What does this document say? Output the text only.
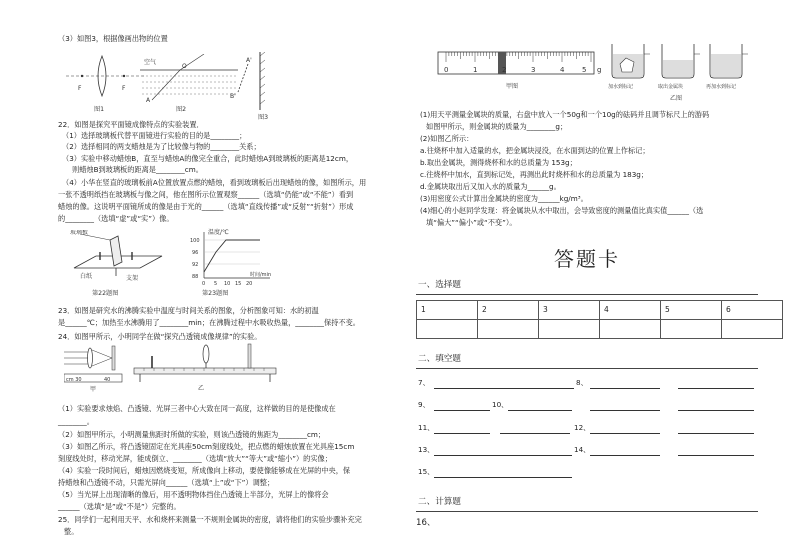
（3）如图3，根据像画出物的位置
F	F
图1
空气
O
A
图2
A'
B'
图3
22．如图是探究平面镜成像特点的实验装置．
（1）选择玻璃板代替平面镜进行实验的目的是________；
（2）选择相同的两支蜡烛是为了比较像与物的________关系；
（3）实验中移动蜡烛B，直至与蜡烛A的像完全重合，此时蜡烛A到玻璃板的距离是12cm，
则蜡烛B到玻璃板的距离是________cm。
（4）小华在竖直的玻璃板前A位置放置点燃的蜡烛，看到玻璃板后出现蜡烛的像，如图所示，用
一张不透明纸挡在玻璃板与像之间，他在图所示位置观察______（选填“仍能”或“不能”）看到
蜡烛的像。这说明平面镜所成的像是由于光的______（选填“直线传播”或“反射”“折射”）形成
的________（选填“虚”或“实”）像。
玻璃板
白纸	支架
温度/℃
100
96
92
88
0 5 10 15 20
时间/min
第22题图	第23题图
23．如图是研究水的沸腾实验中温度与时间关系的图象，分析图象可知：水的初温
是______℃；加热至水沸腾用了________min；在沸腾过程中水吸收热量，________保持不变。
24．如图甲所示，小明同学在做“探究凸透镜成像规律”的实验。
cm 30	40
甲	乙
（1）实验要求烛焰、凸透镜、光屏三者中心大致在同一高度，这样做的目的是使像成在
________。
（2）如图甲所示，小明测量焦距时所做的实验，则该凸透镜的焦距为________cm；
（3）如图乙所示，将凸透镜固定在光具座50cm刻度线处，把点燃的蜡烛放置在光具座15cm
刻度线处时，移动光屏，能成倒立、________（选填“放大”“等大”或“缩小”）的实像；
（4）实验一段时间后，蜡烛因燃烧变短，所成像向上移动，要使像能够成在光屏的中央，保
持蜡烛和凸透镜不动，只需光屏向______（选填“上”或“下”）调整；
（5）当光屏上出现清晰的像后，用不透明物体挡住凸透镜上半部分，光屏上的像将会
______（选填“是”或“不是”）完整的。
25．同学们一起利用天平、水和烧杯来测量一不规则金属块的密度，请将他们的实验步骤补充完
整。
0	1	2	3	4	5 g
甲图	加水到标记	取出金属块	再加水到标记
乙图
(1)用天平测量金属块的质量，右盘中放入一个50g和一个10g的砝码并且调节标尺上的游码
如图甲所示，则金属块的质量为________g；
(2)如图乙所示：
a.往烧杯中加入适量的水，把金属块浸没，在水面到达的位置上作标记；
b.取出金属块，测得烧杯和水的总质量为 153g；
c.往烧杯中加水，直到标记处，再测出此时烧杯和水的总质量为 183g；
d.金属块取出后又加入水的质量为______g。
(3)用密度公式计算出金属块的密度为______kg/m³。
(4)细心的小赵同学发现：将金属块从水中取出，会导致密度的测量值比真实值______（选
填“偏大”“偏小”或“不变”）。
答题卡
一、选择题
1	2	3	4	5	6

二、填空题
7、	8、
9、	10、
11、	12、
13、	14、
15、
二、计算题
16、
